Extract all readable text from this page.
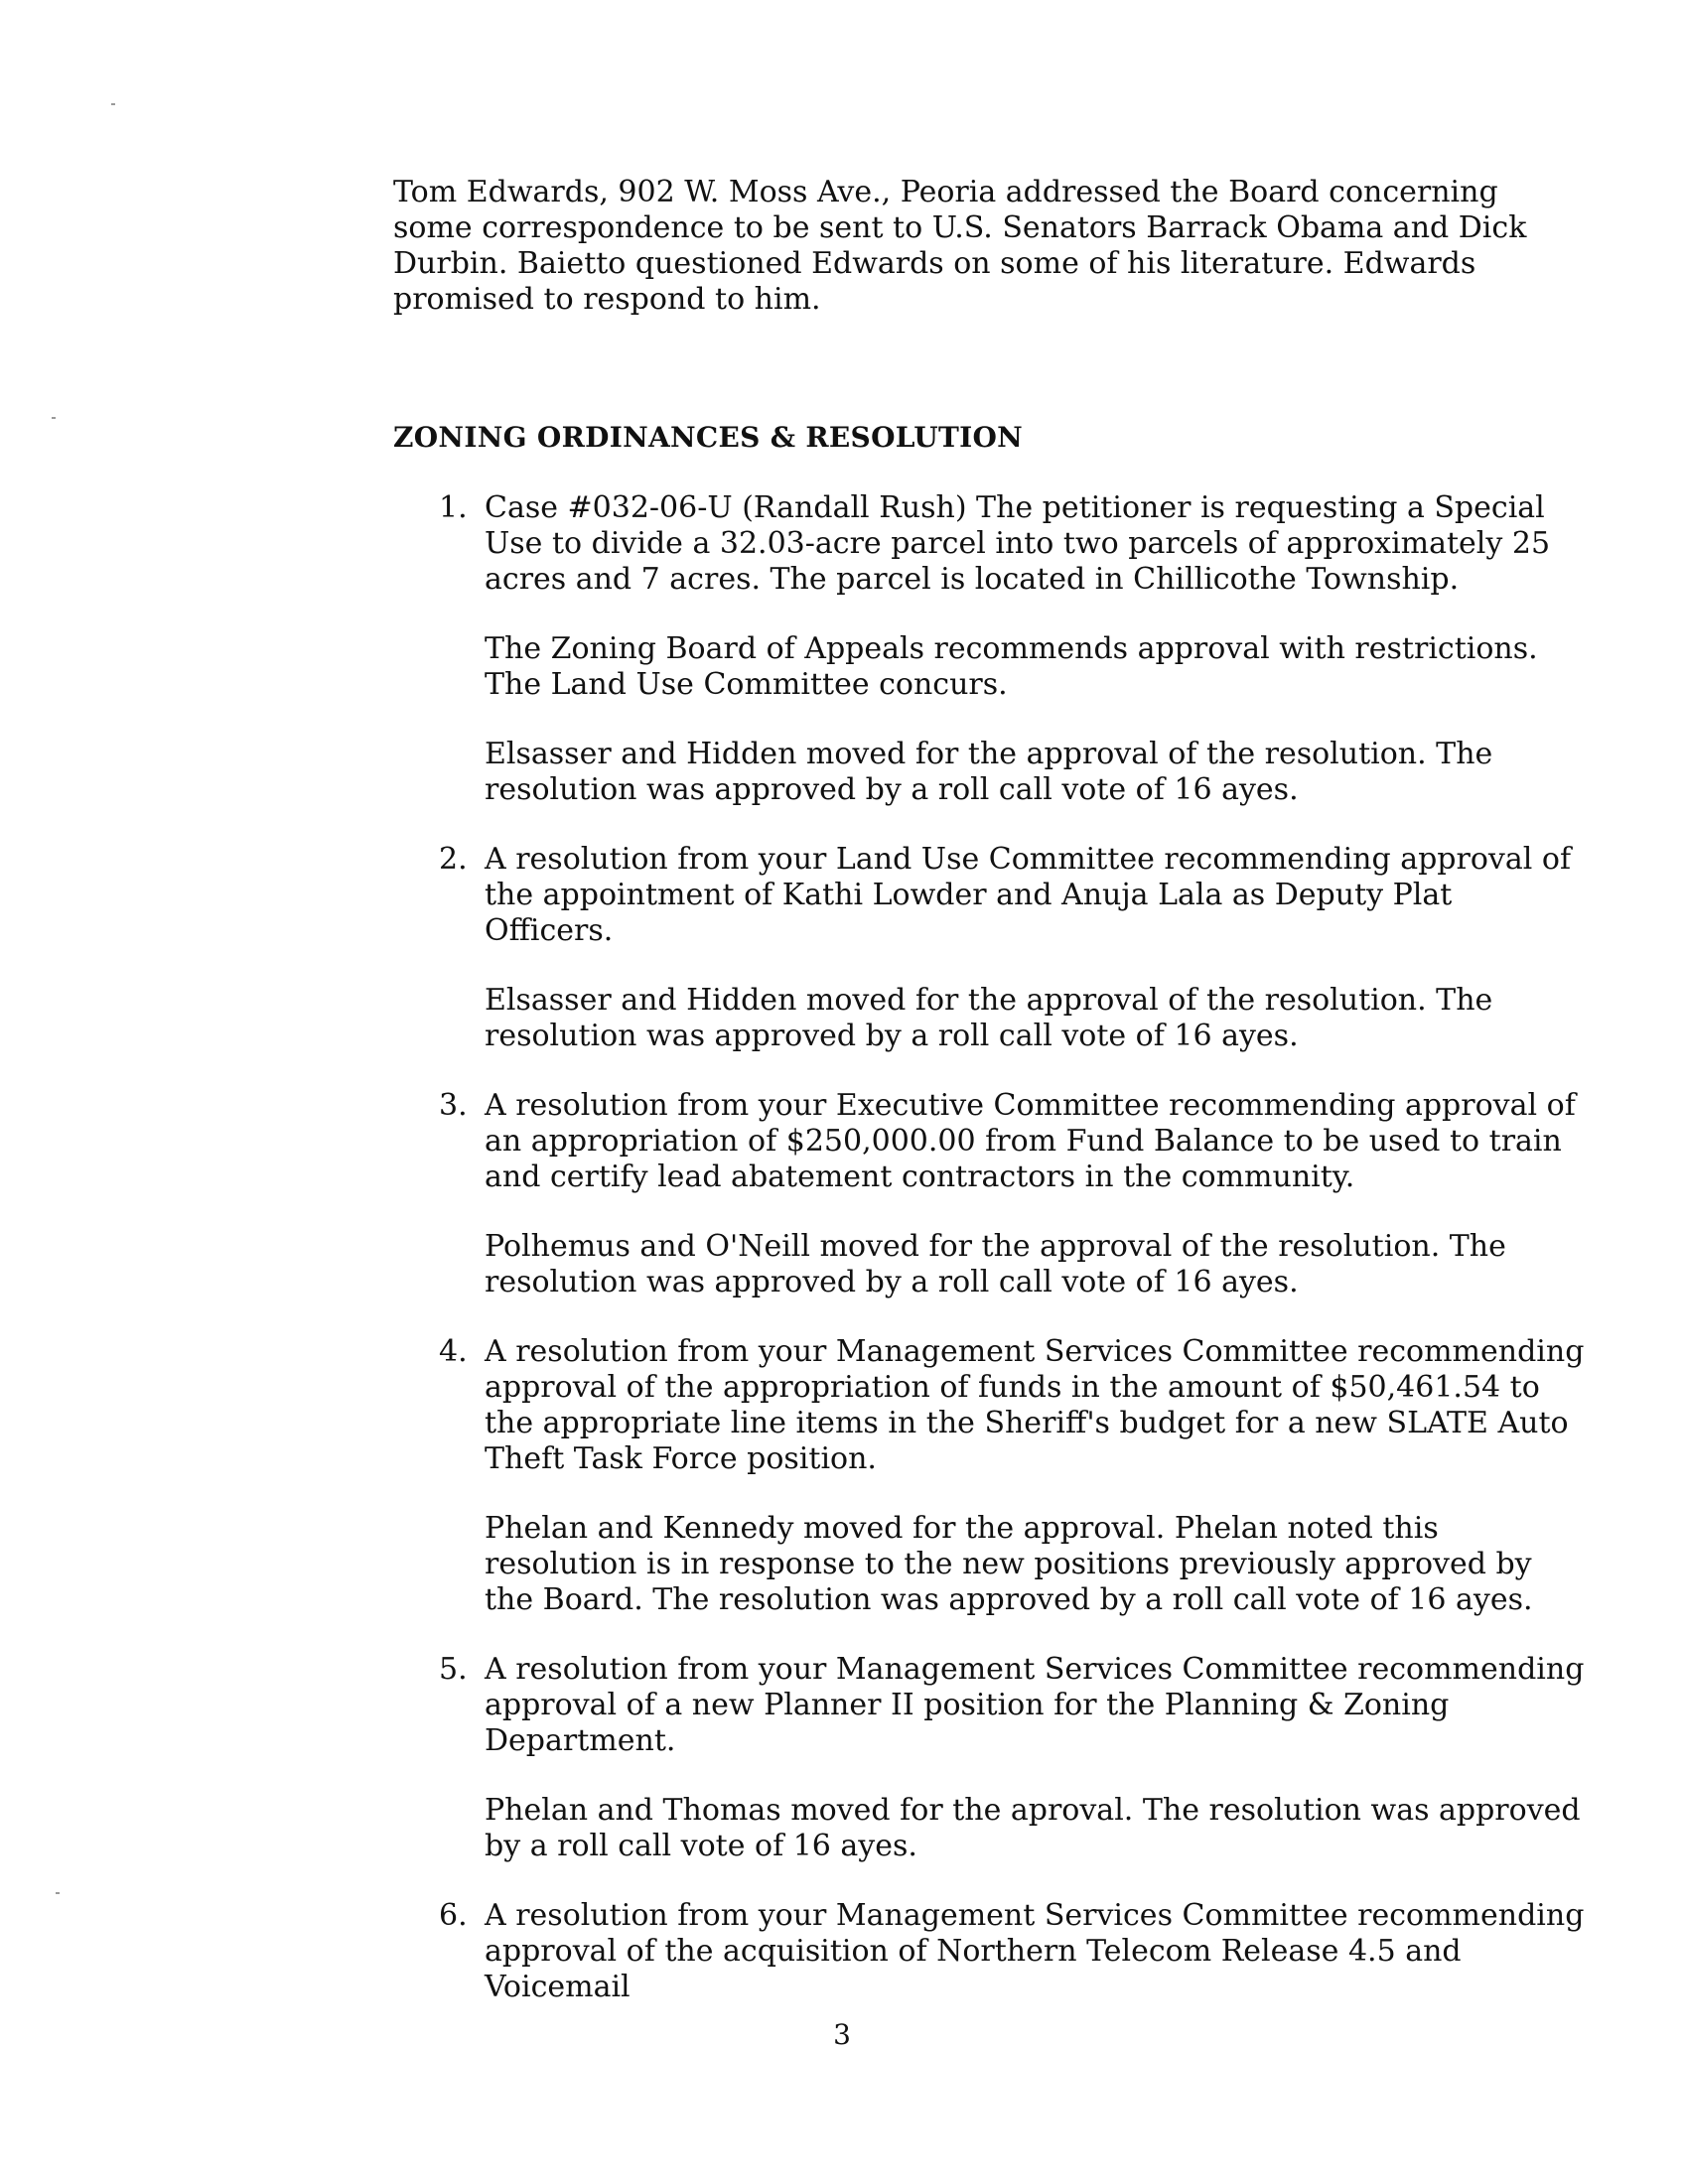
Tom Edwards, 902 W. Moss Ave., Peoria addressed the Board concerning some correspondence to be sent to U.S. Senators Barrack Obama and Dick Durbin. Baietto questioned Edwards on some of his literature. Edwards promised to respond to him.

ZONING ORDINANCES & RESOLUTION
1. Case #032-06-U (Randall Rush) The petitioner is requesting a Special Use to divide a 32.03-acre parcel into two parcels of approximately 25 acres and 7 acres. The parcel is located in Chillicothe Township.

The Zoning Board of Appeals recommends approval with restrictions. The Land Use Committee concurs.

Elsasser and Hidden moved for the approval of the resolution. The resolution was approved by a roll call vote of 16 ayes.

2. A resolution from your Land Use Committee recommending approval of the appointment of Kathi Lowder and Anuja Lala as Deputy Plat Officers.

Elsasser and Hidden moved for the approval of the resolution. The resolution was approved by a roll call vote of 16 ayes.

3. A resolution from your Executive Committee recommending approval of an appropriation of $250,000.00 from Fund Balance to be used to train and certify lead abatement contractors in the community.

Polhemus and O'Neill moved for the approval of the resolution. The resolution was approved by a roll call vote of 16 ayes.

4. A resolution from your Management Services Committee recommending approval of the appropriation of funds in the amount of $50,461.54 to the appropriate line items in the Sheriff's budget for a new SLATE Auto Theft Task Force position.

Phelan and Kennedy moved for the approval. Phelan noted this resolution is in response to the new positions previously approved by the Board. The resolution was approved by a roll call vote of 16 ayes.

5. A resolution from your Management Services Committee recommending approval of a new Planner II position for the Planning & Zoning Department.

Phelan and Thomas moved for the aproval. The resolution was approved by a roll call vote of 16 ayes.

6. A resolution from your Management Services Committee recommending approval of the acquisition of Northern Telecom Release 4.5 and Voicemail

3
